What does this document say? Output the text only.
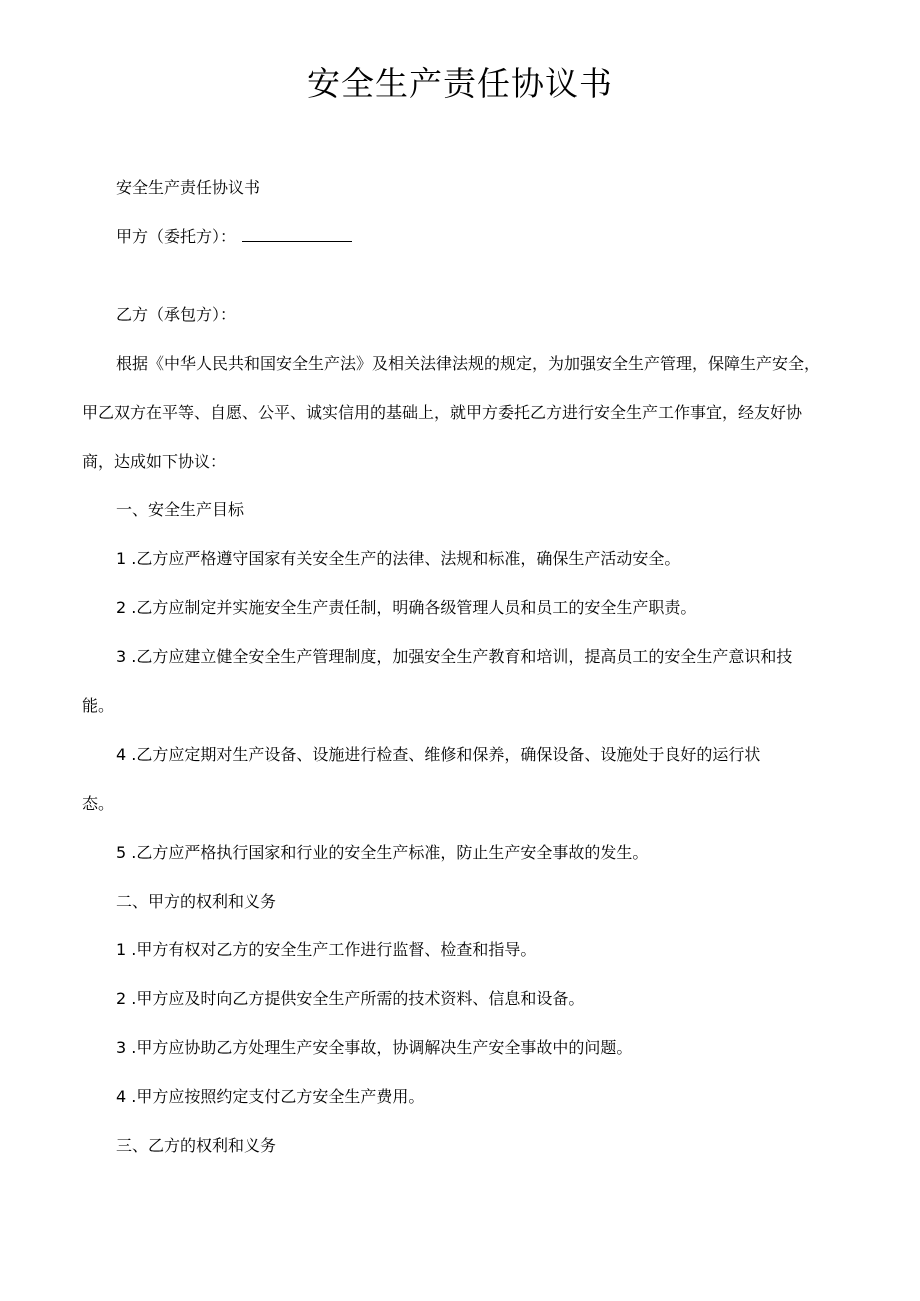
安全生产责任协议书
安全生产责任协议书
甲方（委托方）：
乙方（承包方）：
根据《中华人民共和国安全生产法》及相关法律法规的规定，为加强安全生产管理，保障生产安全，
甲乙双方在平等、自愿、公平、诚实信用的基础上，就甲方委托乙方进行安全生产工作事宜，经友好协
商，达成如下协议：
一、安全生产目标
1 .乙方应严格遵守国家有关安全生产的法律、法规和标准，确保生产活动安全。
2 .乙方应制定并实施安全生产责任制，明确各级管理人员和员工的安全生产职责。
3 .乙方应建立健全安全生产管理制度，加强安全生产教育和培训，提高员工的安全生产意识和技
能。
4 .乙方应定期对生产设备、设施进行检查、维修和保养，确保设备、设施处于良好的运行状
态。
5 .乙方应严格执行国家和行业的安全生产标准，防止生产安全事故的发生。
二、甲方的权利和义务
1 .甲方有权对乙方的安全生产工作进行监督、检查和指导。
2 .甲方应及时向乙方提供安全生产所需的技术资料、信息和设备。
3 .甲方应协助乙方处理生产安全事故，协调解决生产安全事故中的问题。
4 .甲方应按照约定支付乙方安全生产费用。
三、乙方的权利和义务
